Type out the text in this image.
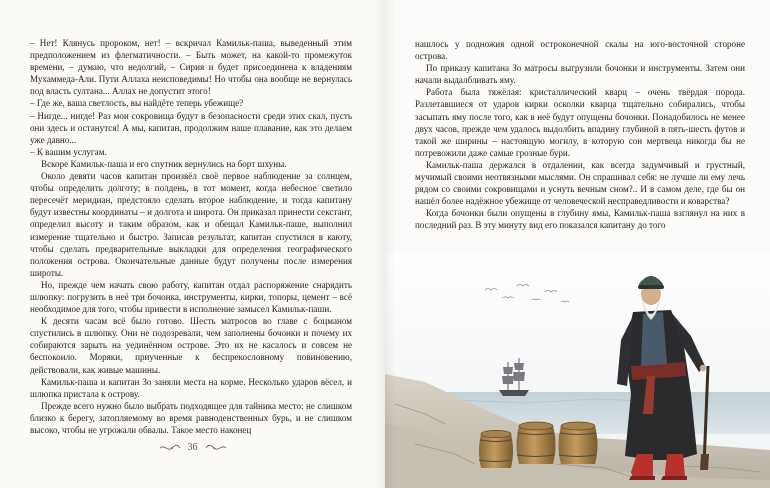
– Нет! Клянусь пророком, нет! – вскричал Камильк-паша, выведенный этим предположением из флегматичности. – Быть может, на какой-то промежуток времени, – думаю, что недолгий, – Сирия и будет присоединена к владениям Мухаммеда-Али. Пути Аллаха неисповедимы! Но чтобы она вообще не вернулась под власть султана... Аллах не допустит этого!

– Где же, ваша светлость, вы найдёте теперь убежище?

– Нигде... нигде! Раз мои сокровища будут в безопасности среди этих скал, пусть они здесь и останутся! А мы, капитан, продолжим наше плавание, как это делаем уже давно...

– К вашим услугам.

Вскоре Камильк-паша и его спутник вернулись на борт шхуны.

Около девяти часов капитан произвёл своё первое наблюдение за солнцем, чтобы определить долготу; в полдень, в тот момент, когда небесное светило пересечёт меридиан, предстояло сделать второе наблюдение, и тогда капитану будут известны координаты – и долгота и широта. Он приказал принести секстант, определил высоту и таким образом, как и обещал Камильк-паше, выполнил измерение тщательно и быстро. Записав результат, капитан спустился в каюту, чтобы сделать предварительные выкладки для определения географического положения острова. Окончательные данные будут получены после измерения широты.

Но, прежде чем начать свою работу, капитан отдал распоряжение снарядить шлюпку: погрузить в неё три бочонка, инструменты, кирки, топоры, цемент – всё необходимое для того, чтобы привести в исполнение замысел Камильк-паши.

К десяти часам всё было готово. Шесть матросов во главе с боцманом спустились в шлюпку. Они не подозревали, чем заполнены бочонки и почему их собираются зарыть на уединённом острове. Это их не касалось и совсем не беспокоило. Моряки, приученные к беспрекословному повиновению, действовали, как живые машины.

Камильк-паша и капитан Зо заняли места на корме. Несколько ударов вёсел, и шлюпка пристала к острову.

Прежде всего нужно было выбрать подходящее для тайника место: не слишком близко к берегу, затопляемому во время равноденственных бурь, и не слишком высоко, чтобы не угрожали обвалы. Такое место наконец

36

нашлось у подножия одной остроконечной скалы на юго-восточной стороне острова.

По приказу капитана Зо матросы выгрузили бочонки и инструменты. Затем они начали выдалбливать яму.

Работа была тяжёлая: кристаллический кварц – очень твёрдая порода. Разлетавшиеся от ударов кирки осколки кварца тщательно собирались, чтобы засыпать яму после того, как в неё будут опущены бочонки. Понадобилось не менее двух часов, прежде чем удалось выдолбить впадину глубиной в пять-шесть футов и такой же ширины – настоящую могилу, в которую сон мертвеца никогда бы не потревожили даже самые грозные бури.

Камильк-паша держался в отдалении, как всегда задумчивый и грустный, мучимый своими неотвязными мыслями. Он спрашивал себя: не лучше ли ему лечь рядом со своими сокровищами и уснуть вечным сном?.. И в самом деле, где бы он нашёл более надёжное убежище от человеческой несправедливости и коварства?

Когда бочонки были опущены в глубину ямы, Камильк-паша взглянул на них в последний раз. В эту минуту вид его показался капитану до того
